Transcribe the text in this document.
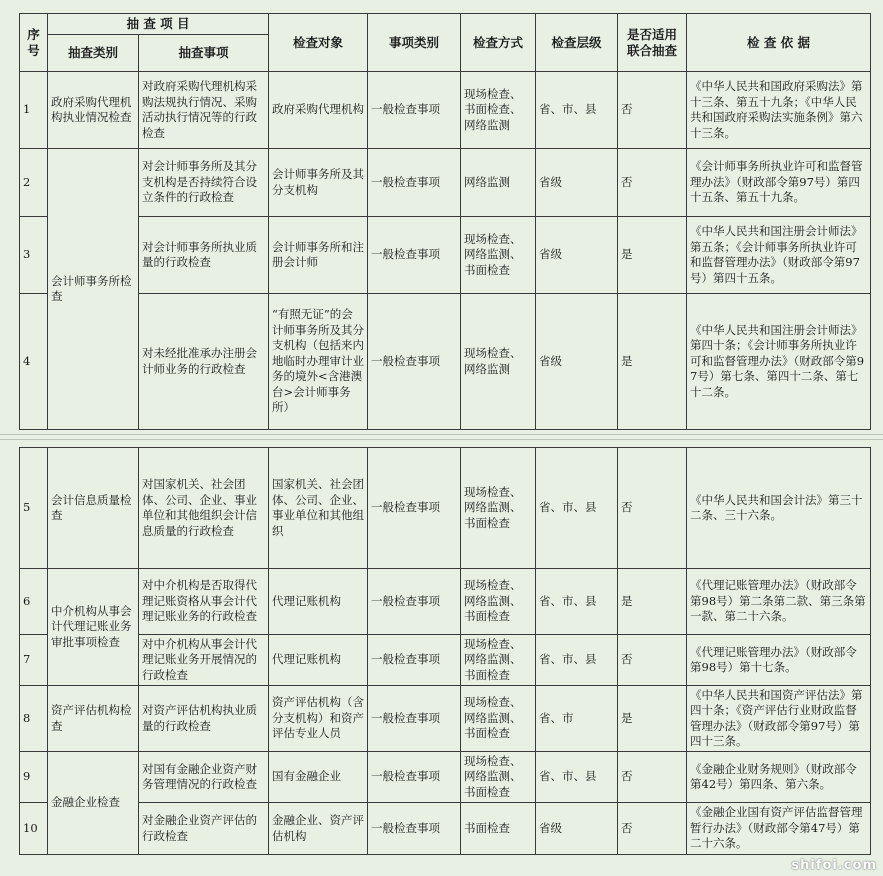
序号	抽 查 项 目		检查对象	事项类别	检查方式	检查层级	是否适用联合抽查	检 查 依 据
	抽查类别	抽查事项						
1	政府采购代理机构执业情况检查	对政府采购代理机构采购法规执行情况、采购活动执行情况等的行政检查	政府采购代理机构	一般检查事项	现场检查、书面检查、网络监测	省、市、县	否	《中华人民共和国政府采购法》第十三条、第五十九条；《中华人民共和国政府采购法实施条例》第六十三条。
2	会计师事务所检查	对会计师事务所及其分支机构是否持续符合设立条件的行政检查	会计师事务所及其分支机构	一般检查事项	网络监测	省级	否	《会计师事务所执业许可和监督管理办法》（财政部令第97号）第四十五条、第五十九条。
3		对会计师事务所执业质量的行政检查	会计师事务所和注册会计师	一般检查事项	现场检查、网络监测、书面检查	省级	是	《中华人民共和国注册会计师法》第五条；《会计师事务所执业许可和监督管理办法》（财政部令第97号）第四十五条。
4		对未经批准承办注册会计师业务的行政检查	“有照无证”的会计师事务所及其分支机构（包括来内地临时办理审计业务的境外<含港澳台>会计师事务所）	一般检查事项	现场检查、网络监测	省级	是	《中华人民共和国注册会计师法》第四十条；《会计师事务所执业许可和监督管理办法》（财政部令第97号）第七条、第四十二条、第七十二条。
5	会计信息质量检查	对国家机关、社会团体、公司、企业、事业单位和其他组织会计信息质量的行政检查	国家机关、社会团体、公司、企业、事业单位和其他组织	一般检查事项	现场检查、网络监测、书面检查	省、市、县	否	《中华人民共和国会计法》第三十二条、三十六条。
6	中介机构从事会计代理记账业务审批事项检查	对中介机构是否取得代理记账资格从事会计代理记账业务的行政检查	代理记账机构	一般检查事项	现场检查、网络监测、书面检查	省、市、县	是	《代理记账管理办法》（财政部令第98号）第二条第二款、第三条第一款、第二十六条。
7		对中介机构从事会计代理记账业务开展情况的行政检查	代理记账机构	一般检查事项	现场检查、网络监测、书面检查	省、市、县	否	《代理记账管理办法》（财政部令第98号）第十七条。
8	资产评估机构检查	对资产评估机构执业质量的行政检查	资产评估机构（含分支机构）和资产评估专业人员	一般检查事项	现场检查、网络监测、书面检查	省、市	是	《中华人民共和国资产评估法》第四十条；《资产评估行业财政监督管理办法》（财政部令第97号）第四十三条。
9	金融企业检查	对国有金融企业资产财务管理情况的行政检查	国有金融企业	一般检查事项	现场检查、网络监测、书面检查	省、市、县	否	《金融企业财务规则》（财政部令第42号）第四条、第六条。
10		对金融企业资产评估的行政检查	金融企业、资产评估机构	一般检查事项	书面检查	省级	否	《金融企业国有资产评估监督管理暂行办法》（财政部令第47号）第二十六条。
shifoi.com
